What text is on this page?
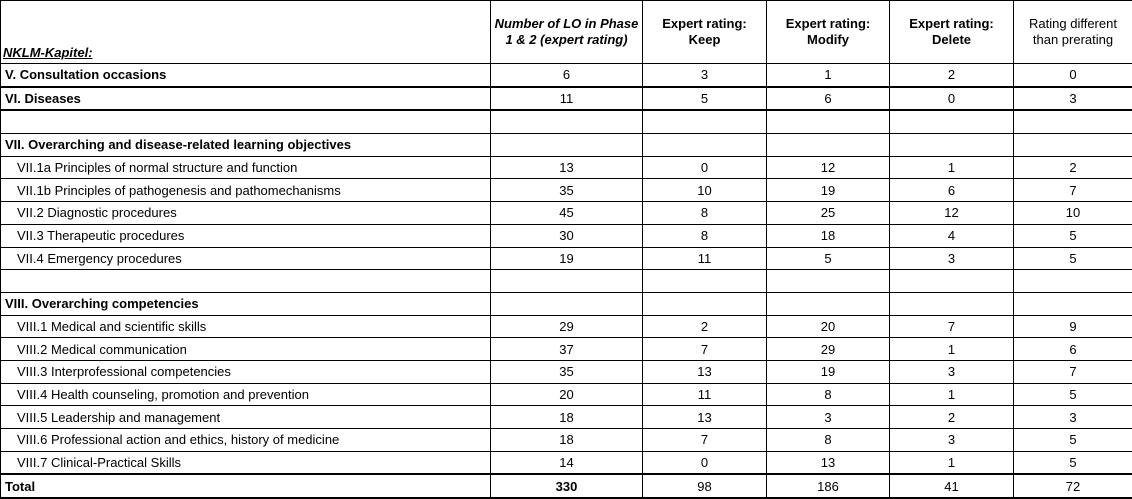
NKLM-Kapitel:	Number of LO in Phase 1 & 2 (expert rating)	Expert rating: Keep	Expert rating: Modify	Expert rating: Delete	Rating different than prerating
V. Consultation occasions	6	3	1	2	0
VI. Diseases	11	5	6	0	3

VII. Overarching and disease-related learning objectives					
VII.1a Principles of normal structure and function	13	0	12	1	2
VII.1b Principles of pathogenesis and pathomechanisms	35	10	19	6	7
VII.2 Diagnostic procedures	45	8	25	12	10
VII.3 Therapeutic procedures	30	8	18	4	5
VII.4 Emergency procedures	19	11	5	3	5

VIII. Overarching competencies					
VIII.1 Medical and scientific skills	29	2	20	7	9
VIII.2 Medical communication	37	7	29	1	6
VIII.3 Interprofessional competencies	35	13	19	3	7
VIII.4 Health counseling, promotion and prevention	20	11	8	1	5
VIII.5 Leadership and management	18	13	3	2	3
VIII.6 Professional action and ethics, history of medicine	18	7	8	3	5
VIII.7 Clinical-Practical Skills	14	0	13	1	5
Total	330	98	186	41	72
